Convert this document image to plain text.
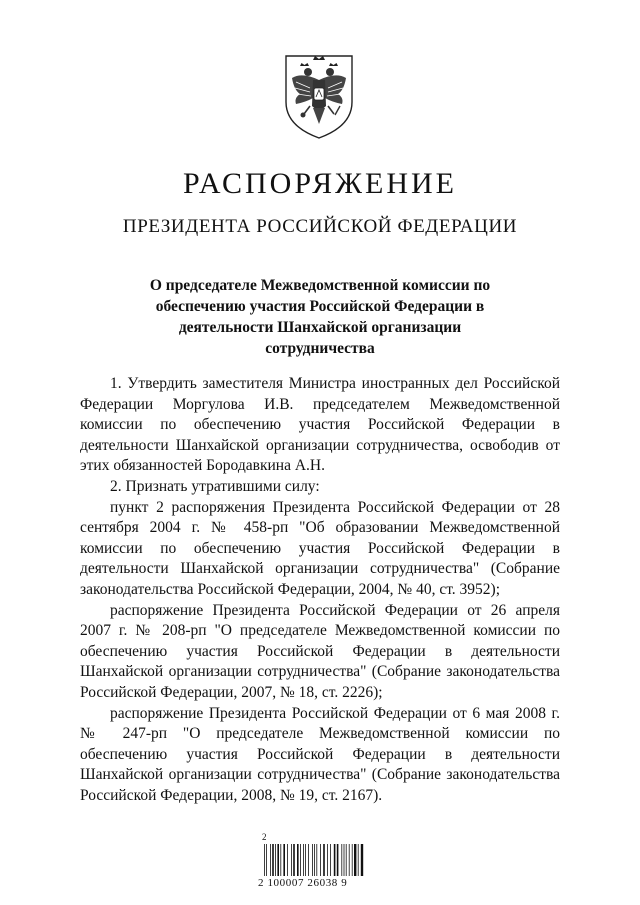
РАСПОРЯЖЕНИЕ
ПРЕЗИДЕНТА РОССИЙСКОЙ ФЕДЕРАЦИИ
О председателе Межведомственной комиссии по
обеспечению участия Российской Федерации в
деятельности Шанхайской организации
сотрудничества

1. Утвердить заместителя Министра иностранных дел Российской Федерации Моргулова И.В. председателем Межведомственной комиссии по обеспечению участия Российской Федерации в деятельности Шанхайской организации сотрудничества, освободив от этих обязанностей Бородавкина А.Н.

2. Признать утратившими силу:

пункт 2 распоряжения Президента Российской Федерации от 28 сентября 2004 г. № 458-рп "Об образовании Межведомственной комиссии по обеспечению участия Российской Федерации в деятельности Шанхайской организации сотрудничества" (Собрание законодательства Российской Федерации, 2004, № 40, ст. 3952);

распоряжение Президента Российской Федерации от 26 апреля 2007 г. № 208-рп "О председателе Межведомственной комиссии по обеспечению участия Российской Федерации в деятельности Шанхайской организации сотрудничества" (Собрание законодательства Российской Федерации, 2007, № 18, ст. 2226);

распоряжение Президента Российской Федерации от 6 мая 2008 г. № 247-рп "О председателе Межведомственной комиссии по обеспечению участия Российской Федерации в деятельности Шанхайской организации сотрудничества" (Собрание законодательства Российской Федерации, 2008, № 19, ст. 2167).

2
2 100007 26038 9
